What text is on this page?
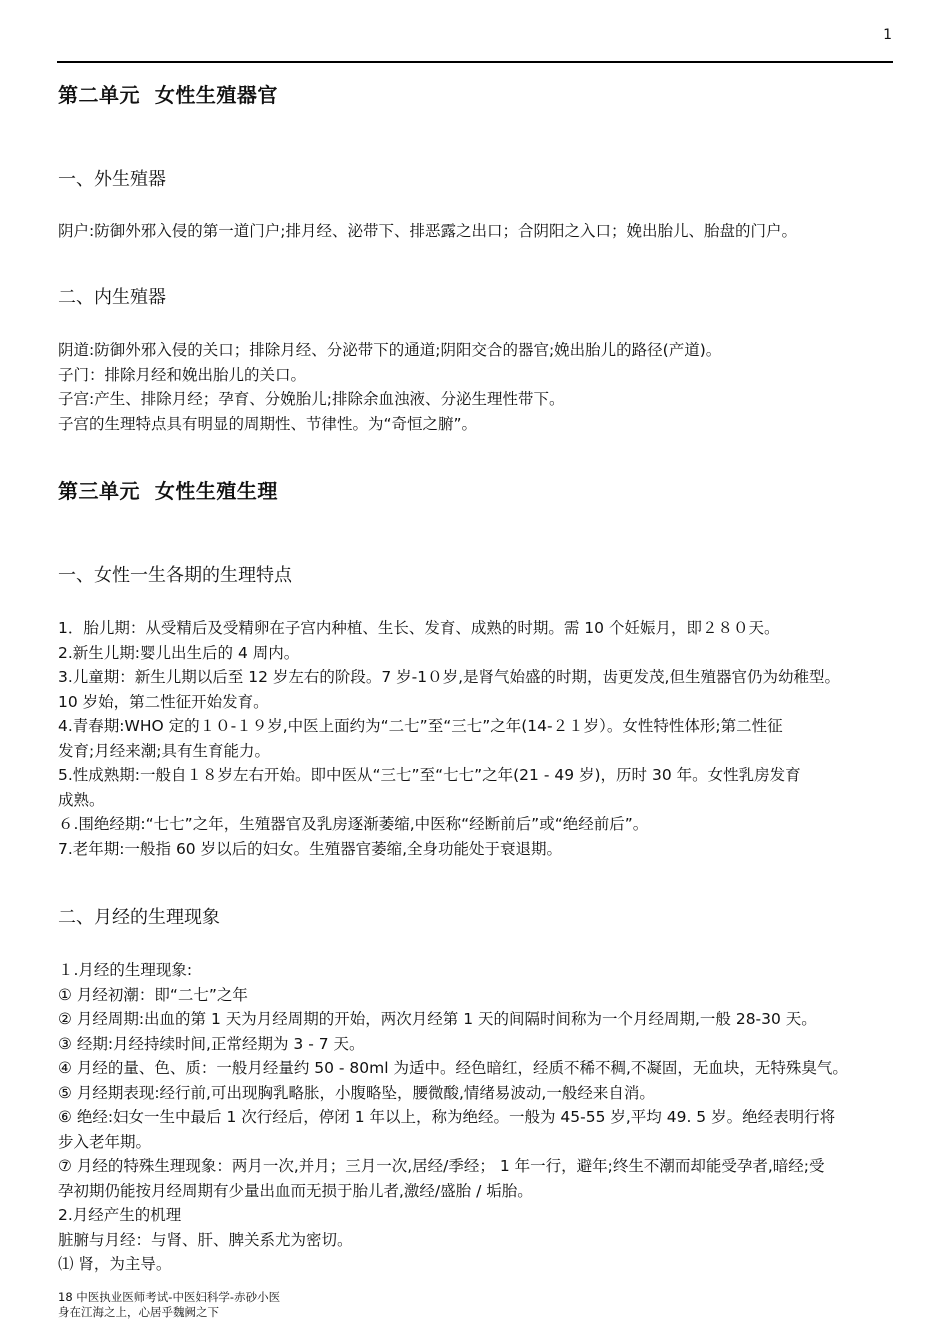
1
第二单元  女性生殖器官
一、外生殖器
阴户:防御外邪入侵的第一道门户;排月经、泌带下、排恶露之出口；合阴阳之入口；娩出胎儿、胎盘的门户。
二、内生殖器
阴道:防御外邪入侵的关口；排除月经、分泌带下的通道;阴阳交合的器官;娩出胎儿的路径(产道)。
子门：排除月经和娩出胎儿的关口。
子宫:产生、排除月经；孕育、分娩胎儿;排除余血浊液、分泌生理性带下。
子宫的生理特点具有明显的周期性、节律性。为“奇恒之腑”。
第三单元  女性生殖生理
一、女性一生各期的生理特点
1．胎儿期：从受精后及受精卵在子宫内种植、生长、发育、成熟的时期。需 10 个妊娠月，即２８０天。
2.新生儿期:婴儿出生后的 4 周内。
3.儿童期：新生儿期以后至 12 岁左右的阶段。7 岁-1０岁,是肾气始盛的时期，齿更发茂,但生殖器官仍为幼稚型。
10 岁始，第二性征开始发育。
4.青春期:WHO 定的１０-１９岁,中医上面约为“二七”至“三七”之年(14-２１岁）。女性特性体形;第二性征
发育;月经来潮;具有生育能力。
5.性成熟期:一般自１８岁左右开始。即中医从“三七”至“七七”之年(21 - 49 岁)，历时 30 年。女性乳房发育
成熟。
６.围绝经期:“七七”之年，生殖器官及乳房逐渐萎缩,中医称“经断前后”或“绝经前后”。
7.老年期:一般指 60 岁以后的妇女。生殖器官萎缩,全身功能处于衰退期。
二、月经的生理现象
１.月经的生理现象:
① 月经初潮：即“二七”之年
② 月经周期:出血的第 1 天为月经周期的开始，两次月经第 1 天的间隔时间称为一个月经周期,一般 28-30 天。
③ 经期:月经持续时间,正常经期为 3 - 7 天。
④ 月经的量、色、质：一般月经量约 50 - 80ml 为适中。经色暗红，经质不稀不稠,不凝固，无血块，无特殊臭气。
⑤ 月经期表现:经行前,可出现胸乳略胀，小腹略坠，腰微酸,情绪易波动,一般经来自消。
⑥ 绝经:妇女一生中最后 1 次行经后，停闭 1 年以上，称为绝经。一般为 45-55 岁,平均 49. 5 岁。绝经表明行将
步入老年期。
⑦ 月经的特殊生理现象：两月一次,并月；三月一次,居经/季经； 1 年一行，避年;终生不潮而却能受孕者,暗经;受
孕初期仍能按月经周期有少量出血而无损于胎儿者,激经/盛胎 / 垢胎。
2.月经产生的机理
脏腑与月经：与肾、肝、脾关系尤为密切。
⑴ 肾，为主导。
18 中医执业医师考试-中医妇科学-赤砂小医
身在江海之上，心居乎魏阙之下
